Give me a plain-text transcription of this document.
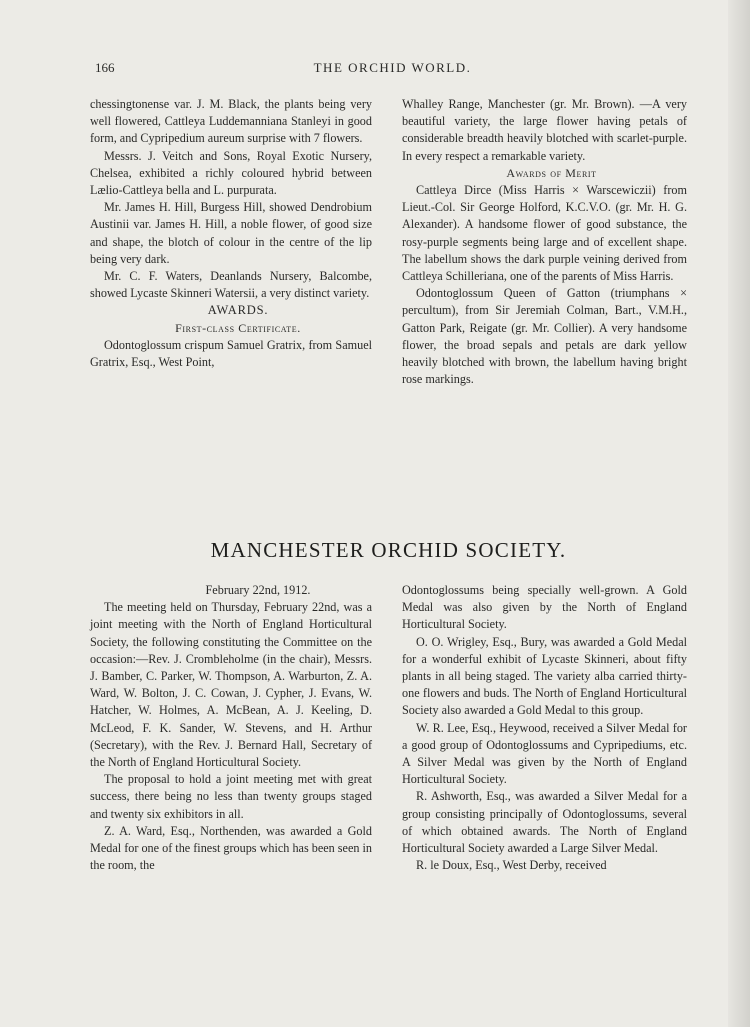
166	THE ORCHID WORLD.

chessingtonense var. J. M. Black, the plants being very well flowered, Cattleya Luddemanniana Stanleyi in good form, and Cypripedium aureum surprise with 7 flowers.

Messrs. J. Veitch and Sons, Royal Exotic Nursery, Chelsea, exhibited a richly coloured hybrid between Lælio-Cattleya bella and L. purpurata.

Mr. James H. Hill, Burgess Hill, showed Dendrobium Austinii var. James H. Hill, a noble flower, of good size and shape, the blotch of colour in the centre of the lip being very dark.

Mr. C. F. Waters, Deanlands Nursery, Balcombe, showed Lycaste Skinneri Watersii, a very distinct variety.

AWARDS.

First-class Certificate.

Odontoglossum crispum Samuel Gratrix, from Samuel Gratrix, Esq., West Point,

Whalley Range, Manchester (gr. Mr. Brown). —A very beautiful variety, the large flower having petals of considerable breadth heavily blotched with scarlet-purple. In every respect a remarkable variety.

Awards of Merit

Cattleya Dirce (Miss Harris × Warscewiczii) from Lieut.-Col. Sir George Holford, K.C.V.O. (gr. Mr. H. G. Alexander). A handsome flower of good substance, the rosy-purple segments being large and of excellent shape. The labellum shows the dark purple veining derived from Cattleya Schilleriana, one of the parents of Miss Harris.

Odontoglossum Queen of Gatton (triumphans × percultum), from Sir Jeremiah Colman, Bart., V.M.H., Gatton Park, Reigate (gr. Mr. Collier). A very handsome flower, the broad sepals and petals are dark yellow heavily blotched with brown, the labellum having bright rose markings.

MANCHESTER ORCHID SOCIETY.

February 22nd, 1912.

The meeting held on Thursday, February 22nd, was a joint meeting with the North of England Horticultural Society, the following constituting the Committee on the occasion:—Rev. J. Crombleholme (in the chair), Messrs. J. Bamber, C. Parker, W. Thompson, A. Warburton, Z. A. Ward, W. Bolton, J. C. Cowan, J. Cypher, J. Evans, W. Hatcher, W. Holmes, A. McBean, A. J. Keeling, D. McLeod, F. K. Sander, W. Stevens, and H. Arthur (Secretary), with the Rev. J. Bernard Hall, Secretary of the North of England Horticultural Society.

The proposal to hold a joint meeting met with great success, there being no less than twenty groups staged and twenty six exhibitors in all.

Z. A. Ward, Esq., Northenden, was awarded a Gold Medal for one of the finest groups which has been seen in the room, the

Odontoglossums being specially well-grown. A Gold Medal was also given by the North of England Horticultural Society.

O. O. Wrigley, Esq., Bury, was awarded a Gold Medal for a wonderful exhibit of Lycaste Skinneri, about fifty plants in all being staged. The variety alba carried thirty-one flowers and buds. The North of England Horticultural Society also awarded a Gold Medal to this group.

W. R. Lee, Esq., Heywood, received a Silver Medal for a good group of Odontoglossums and Cypripediums, etc. A Silver Medal was given by the North of England Horticultural Society.

R. Ashworth, Esq., was awarded a Silver Medal for a group consisting principally of Odontoglossums, several of which obtained awards. The North of England Horticultural Society awarded a Large Silver Medal.

R. le Doux, Esq., West Derby, received
